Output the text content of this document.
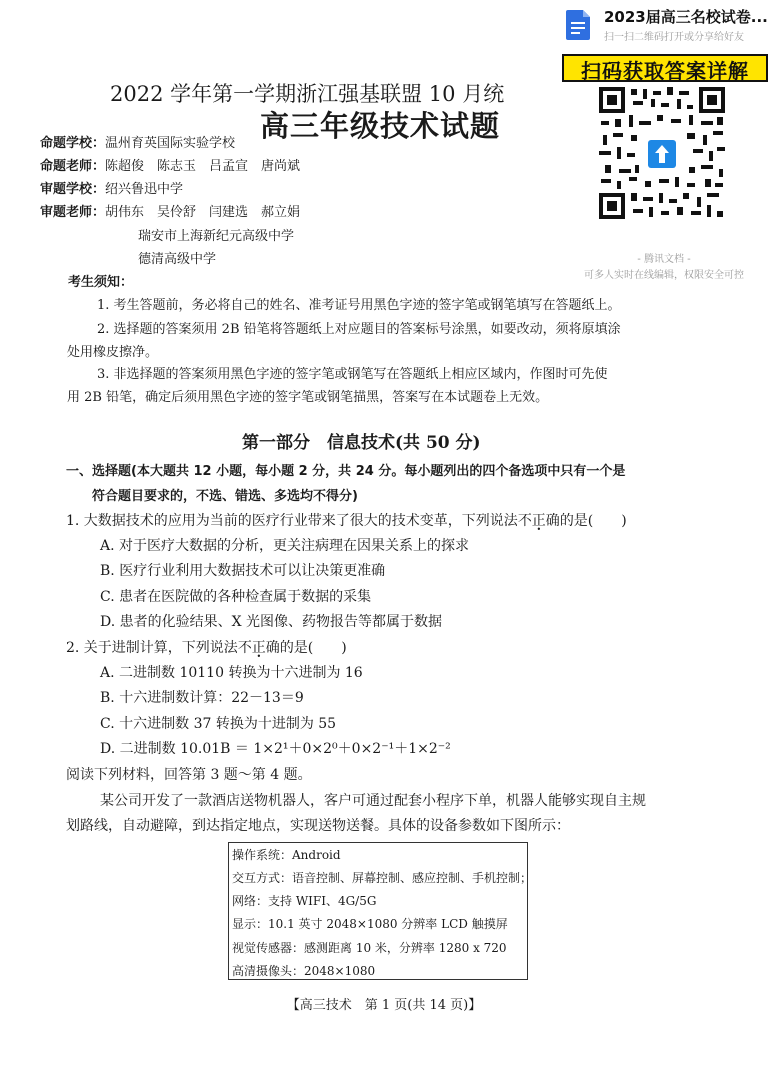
2023届高三名校试卷...
扫一扫二维码打开或分享给好友
扫码获取答案详解
- 腾讯文档 -
可多人实时在线编辑，权限安全可控
2022 学年第一学期浙江强基联盟 10 月统
高三年级技术试题
命题学校：温州育英国际实验学校
命题老师：陈超俊　陈志玉　吕孟宣　唐尚斌
审题学校：绍兴鲁迅中学
审题老师：胡伟东　吴伶舒　闫建选　郝立娟
瑞安市上海新纪元高级中学
德清高级中学
考生须知：
1. 考生答题前，务必将自己的姓名、准考证号用黑色字迹的签字笔或钢笔填写在答题纸上。
2. 选择题的答案须用 2B 铅笔将答题纸上对应题目的答案标号涂黑，如要改动，须将原填涂
处用橡皮擦净。
3. 非选择题的答案须用黑色字迹的签字笔或钢笔写在答题纸上相应区域内，作图时可先使
用 2B 铅笔，确定后须用黑色字迹的签字笔或钢笔描黑，答案写在本试题卷上无效。
第一部分　信息技术(共 50 分)
一、选择题(本大题共 12 小题，每小题 2 分，共 24 分。每小题列出的四个备选项中只有一个是
符合题目要求的，不选、错选、多选均不得分)
1. 大数据技术的应用为当前的医疗行业带来了很大的技术变革，下列说法不正确的是(　　)
A. 对于医疗大数据的分析，更关注病理在因果关系上的探求
B. 医疗行业利用大数据技术可以让决策更准确
C. 患者在医院做的各种检查属于数据的采集
D. 患者的化验结果、X 光图像、药物报告等都属于数据
2. 关于进制计算，下列说法不正确的是(　　)
A. 二进制数 10110 转换为十六进制为 16
B. 十六进制数计算：22－13＝9
C. 十六进制数 37 转换为十进制为 55
D. 二进制数 10.01B ＝ 1×2¹＋0×2⁰＋0×2⁻¹＋1×2⁻²
阅读下列材料，回答第 3 题～第 4 题。
某公司开发了一款酒店送物机器人，客户可通过配套小程序下单，机器人能够实现自主规
划路线，自动避障，到达指定地点，实现送物送餐。具体的设备参数如下图所示：
操作系统：Android
交互方式：语音控制、屏幕控制、感应控制、手机控制；
网络：支持 WIFI、4G/5G
显示：10.1 英寸 2048×1080 分辨率 LCD 触摸屏
视觉传感器：感测距离 10 米，分辨率 1280 x 720
高清摄像头：2048×1080
【高三技术　第 1 页(共 14 页)】
